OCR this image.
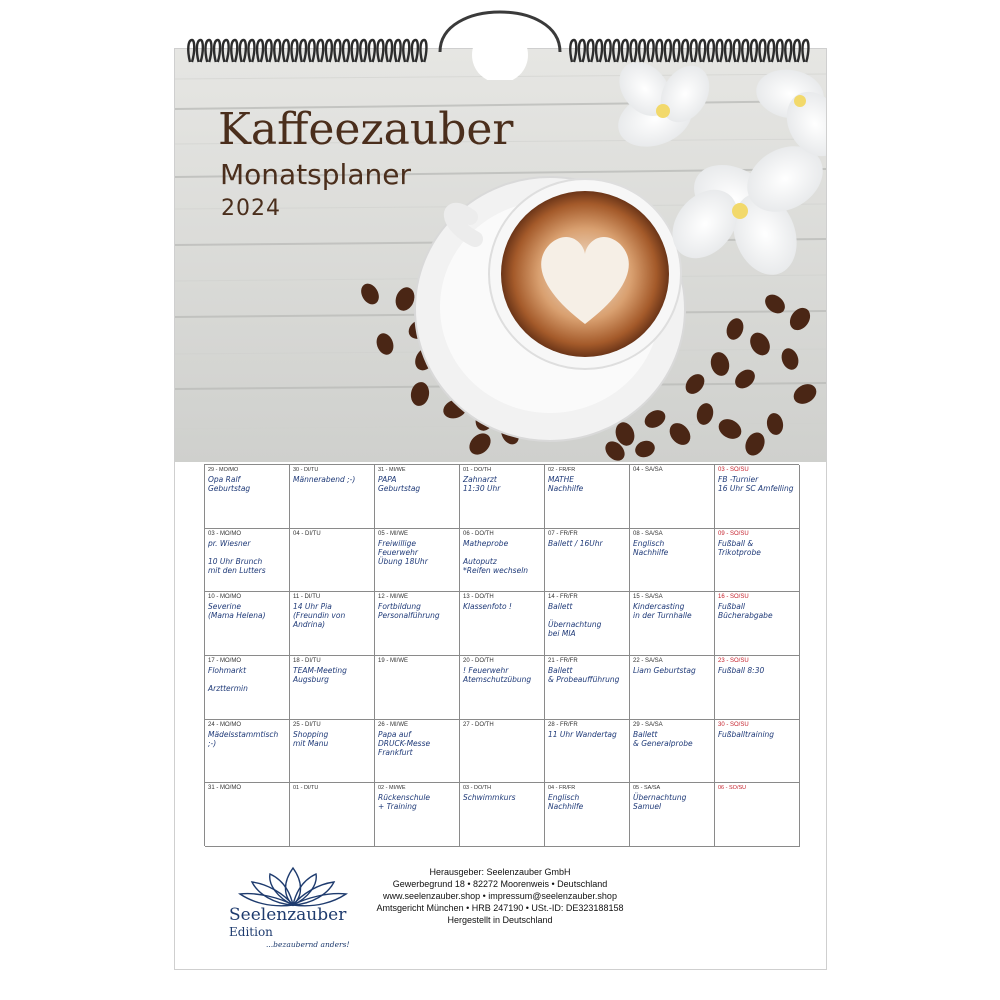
Kaffeezauber
Monatsplaner
2024
29 - MO/MO
Opa Ralf
Geburtstag
30 - DI/TU
Männerabend ;-)
31 - MI/WE
PAPA
Geburtstag
01 - DO/TH
Zahnarzt
11:30 Uhr
02 - FR/FR
MATHE
Nachhilfe
04 - SA/SA	03 - SO/SU
FB -Turnier
16 Uhr SC Amfelling
03 - MO/MO
pr. Wiesner

10 Uhr Brunch
mit den Lutters
04 - DI/TU	05 - MI/WE
Freiwillige Feuerwehr
Übung 18Uhr
06 - DO/TH
Matheprobe

Autoputz
*Reifen wechseln
07 - FR/FR
Ballett / 16Uhr
08 - SA/SA
Englisch
Nachhilfe
09 - SO/SU
Fußball & Trikotprobe
10 - MO/MO
Severine
(Mama Helena)
11 - DI/TU
14 Uhr Pia
(Freundin von Andrina)
12 - MI/WE
Fortbildung
Personalführung
13 - DO/TH
Klassenfoto !
14 - FR/FR
Ballett

Übernachtung
bei MIA
15 - SA/SA
Kindercasting
in der Turnhalle
16 - SO/SU
Fußball
Bücherabgabe
17 - MO/MO
Flohmarkt

Arzttermin
18 - DI/TU
TEAM-Meeting
Augsburg
19 - MI/WE	20 - DO/TH
! Feuerwehr
Atemschutzübung
21 - FR/FR
Ballett
& Probeaufführung
22 - SA/SA
Liam Geburtstag
23 - SO/SU
Fußball 8:30
24 - MO/MO
Mädelsstammtisch
;-)
25 - DI/TU
Shopping
mit Manu
26 - MI/WE
Papa auf
DRUCK-Messe
Frankfurt
27 - DO/TH	28 - FR/FR
11 Uhr Wandertag
29 - SA/SA
Ballett
& Generalprobe
30 - SO/SU
Fußballtraining
31 - MO/MO	01 - DI/TU	02 - MI/WE
Rückenschule
+ Training
03 - DO/TH
Schwimmkurs
04 - FR/FR
Englisch
Nachhilfe
05 - SA/SA
Übernachtung
Samuel
06 - SO/SU
Seelenzauber
Edition
...bezaubernd anders!
Herausgeber: Seelenzauber GmbH
Gewerbegrund 18 • 82272 Moorenweis • Deutschland
www.seelenzauber.shop • impressum@seelenzauber.shop
Amtsgericht München • HRB 247190 • USt.-ID: DE323188158
Hergestellt in Deutschland
